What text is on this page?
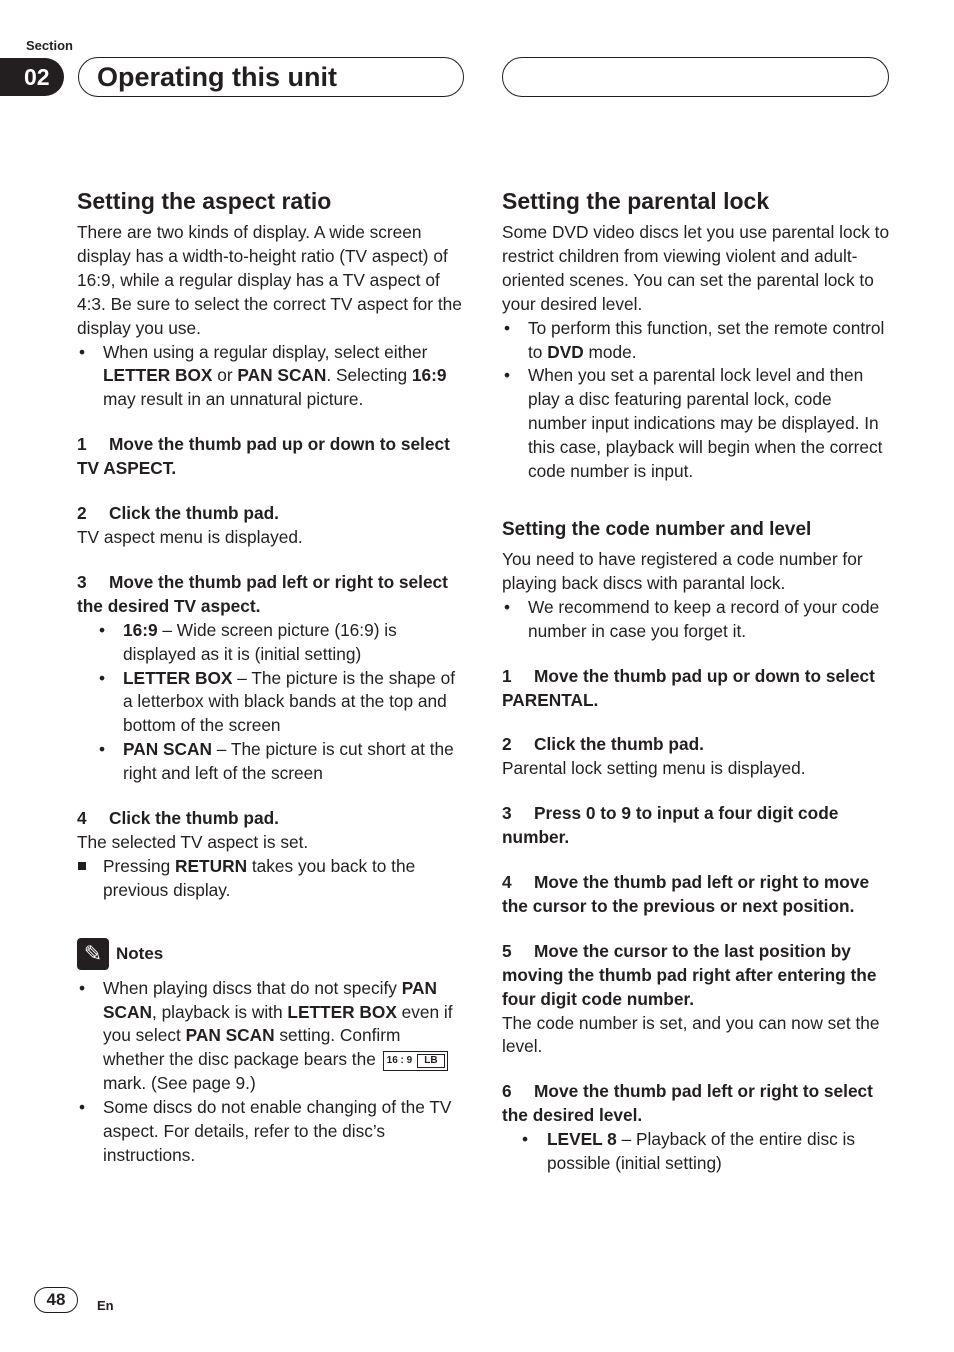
Section
02	Operating this unit
Setting the aspect ratio

There are two kinds of display. A wide screen display has a width-to-height ratio (TV aspect) of 16:9, while a regular display has a TV aspect of 4:3. Be sure to select the correct TV aspect for the display you use.

• When using a regular display, select either LETTER BOX or PAN SCAN. Selecting 16:9 may result in an unnatural picture.
1 Move the thumb pad up or down to select TV ASPECT.
2 Click the thumb pad.

TV aspect menu is displayed.

3 Move the thumb pad left or right to select the desired TV aspect.
• 16:9 – Wide screen picture (16:9) is displayed as it is (initial setting)
• LETTER BOX – The picture is the shape of a letterbox with black bands at the top and bottom of the screen
• PAN SCAN – The picture is cut short at the right and left of the screen
4 Click the thumb pad.

The selected TV aspect is set.

Pressing RETURN takes you back to the previous display.

✎ Notes
• When playing discs that do not specify PAN SCAN, playback is with LETTER BOX even if you select PAN SCAN setting. Confirm whether the disc package bears the 16 : 9 LB mark. (See page 9.)
• Some discs do not enable changing of the TV aspect. For details, refer to the disc’s instructions.
Setting the parental lock

Some DVD video discs let you use parental lock to restrict children from viewing violent and adult-oriented scenes. You can set the parental lock to your desired level.

• To perform this function, set the remote control to DVD mode.
• When you set a parental lock level and then play a disc featuring parental lock, code number input indications may be displayed. In this case, playback will begin when the correct code number is input.
Setting the code number and level

You need to have registered a code number for playing back discs with parantal lock.

• We recommend to keep a record of your code number in case you forget it.
1 Move the thumb pad up or down to select PARENTAL.
2 Click the thumb pad.

Parental lock setting menu is displayed.

3 Press 0 to 9 to input a four digit code number.
4 Move the thumb pad left or right to move the cursor to the previous or next position.
5 Move the cursor to the last position by moving the thumb pad right after entering the four digit code number.

The code number is set, and you can now set the level.

6 Move the thumb pad left or right to select the desired level.
• LEVEL 8 – Playback of the entire disc is possible (initial setting)
48	En
